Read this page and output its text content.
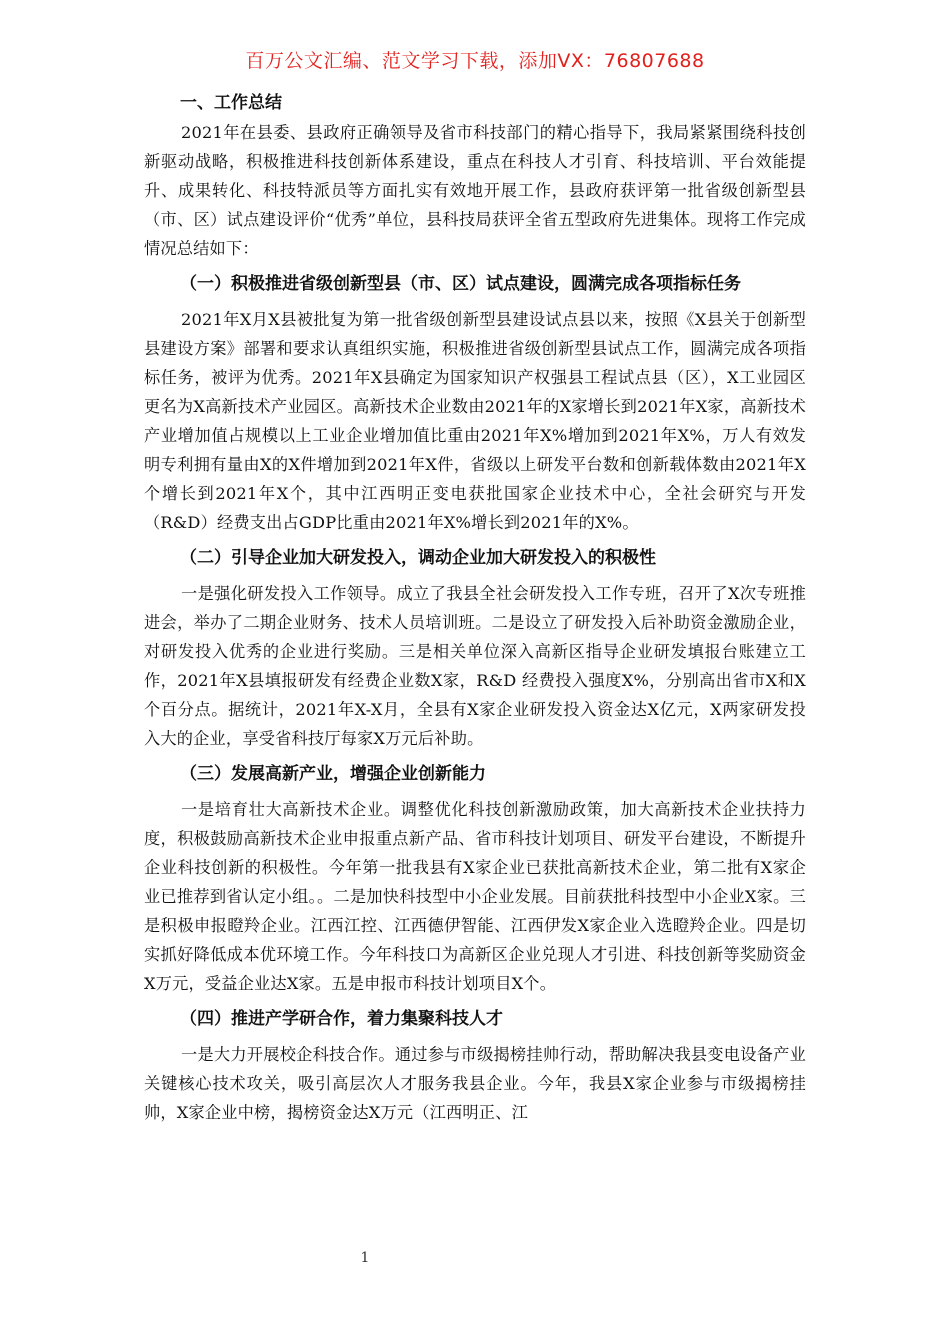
百万公文汇编、范文学习下载，添加VX：76807688
一、工作总结

2021年在县委、县政府正确领导及省市科技部门的精心指导下，我局紧紧围绕科技创新驱动战略，积极推进科技创新体系建设，重点在科技人才引育、科技培训、平台效能提升、成果转化、科技特派员等方面扎实有效地开展工作，县政府获评第一批省级创新型县（市、区）试点建设评价“优秀”单位，县科技局获评全省五型政府先进集体。现将工作完成情况总结如下：

（一）积极推进省级创新型县（市、区）试点建设，圆满完成各项指标任务

2021年X月X县被批复为第一批省级创新型县建设试点县以来，按照《X县关于创新型县建设方案》部署和要求认真组织实施，积极推进省级创新型县试点工作，圆满完成各项指标任务，被评为优秀。2021年X县确定为国家知识产权强县工程试点县（区），X工业园区更名为X高新技术产业园区。高新技术企业数由2021年的X家增长到2021年X家，高新技术产业增加值占规模以上工业企业增加值比重由2021年X%增加到2021年X%，万人有效发明专利拥有量由X的X件增加到2021年X件，省级以上研发平台数和创新载体数由2021年X个增长到2021年X个，其中江西明正变电获批国家企业技术中心，全社会研究与开发（R&D）经费支出占GDP比重由2021年X%增长到2021年的X%。

（二）引导企业加大研发投入，调动企业加大研发投入的积极性

一是强化研发投入工作领导。成立了我县全社会研发投入工作专班，召开了X次专班推进会，举办了二期企业财务、技术人员培训班。二是设立了研发投入后补助资金激励企业，对研发投入优秀的企业进行奖励。三是相关单位深入高新区指导企业研发填报台账建立工作，2021年X县填报研发有经费企业数X家，R&D 经费投入强度X%，分别高出省市X和X个百分点。据统计，2021年X-X月，全县有X家企业研发投入资金达X亿元，X两家研发投入大的企业，享受省科技厅每家X万元后补助。

（三）发展高新产业，增强企业创新能力

一是培育壮大高新技术企业。调整优化科技创新激励政策，加大高新技术企业扶持力度，积极鼓励高新技术企业申报重点新产品、省市科技计划项目、研发平台建设，不断提升企业科技创新的积极性。今年第一批我县有X家企业已获批高新技术企业，第二批有X家企业已推荐到省认定小组。。二是加快科技型中小企业发展。目前获批科技型中小企业X家。三是积极申报瞪羚企业。江西江控、江西德伊智能、江西伊发X家企业入选瞪羚企业。四是切实抓好降低成本优环境工作。今年科技口为高新区企业兑现人才引进、科技创新等奖励资金X万元，受益企业达X家。五是申报市科技计划项目X个。

（四）推进产学研合作，着力集聚科技人才

一是大力开展校企科技合作。通过参与市级揭榜挂帅行动，帮助解决我县变电设备产业关键核心技术攻关，吸引高层次人才服务我县企业。今年，我县X家企业参与市级揭榜挂帅，X家企业中榜，揭榜资金达X万元（江西明正、江

1
